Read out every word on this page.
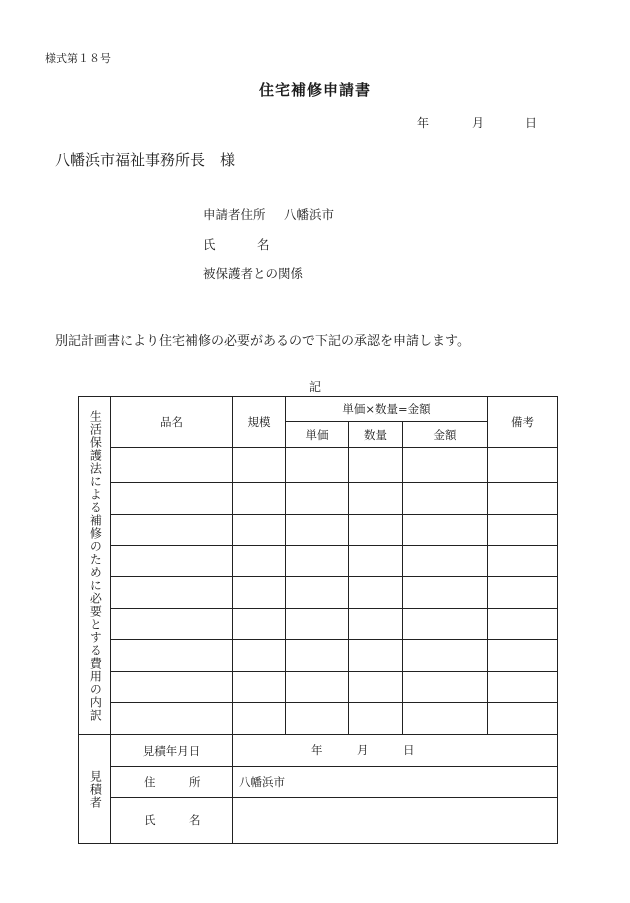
様式第１８号
住宅補修申請書
年	月	日
八幡浜市福祉事務所長　様
申請者住所 八幡浜市
氏	名
被保護者との関係
別記計画書により住宅補修の必要があるので下記の承認を申請します。
記
生活保護法による補修のために必要とする費用の内訳	品名	規模	単価×数量=金額			備考
			単価	数量	金額	

見積者	見積年月日	年 月 日				

	住 所	八幡浜市				

	氏 名					
